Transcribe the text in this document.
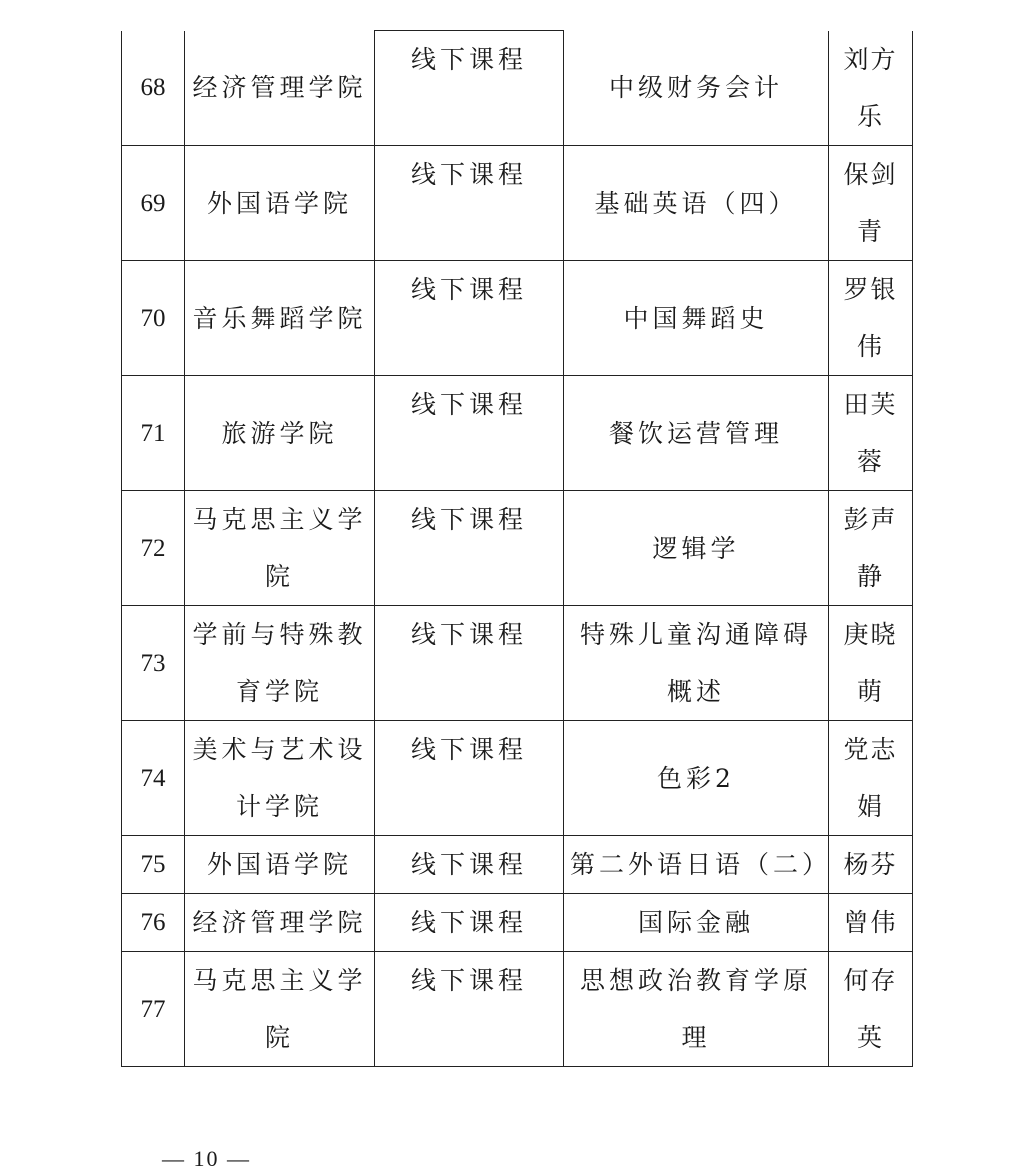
68	经济管理学院	线下课程	中级财务会计	刘方乐
69	外国语学院	线下课程	基础英语（四）	保剑青
70	音乐舞蹈学院	线下课程	中国舞蹈史	罗银伟
71	旅游学院	线下课程	餐饮运营管理	田芙蓉
72	马克思主义学院	线下课程	逻辑学	彭声静
73	学前与特殊教育学院	线下课程	特殊儿童沟通障碍概述	庚晓萌
74	美术与艺术设计学院	线下课程	色彩2	党志娟
75	外国语学院	线下课程	第二外语日语（二）	杨芬
76	经济管理学院	线下课程	国际金融	曾伟
77	马克思主义学院	线下课程	思想政治教育学原理	何存英
— 10 —
